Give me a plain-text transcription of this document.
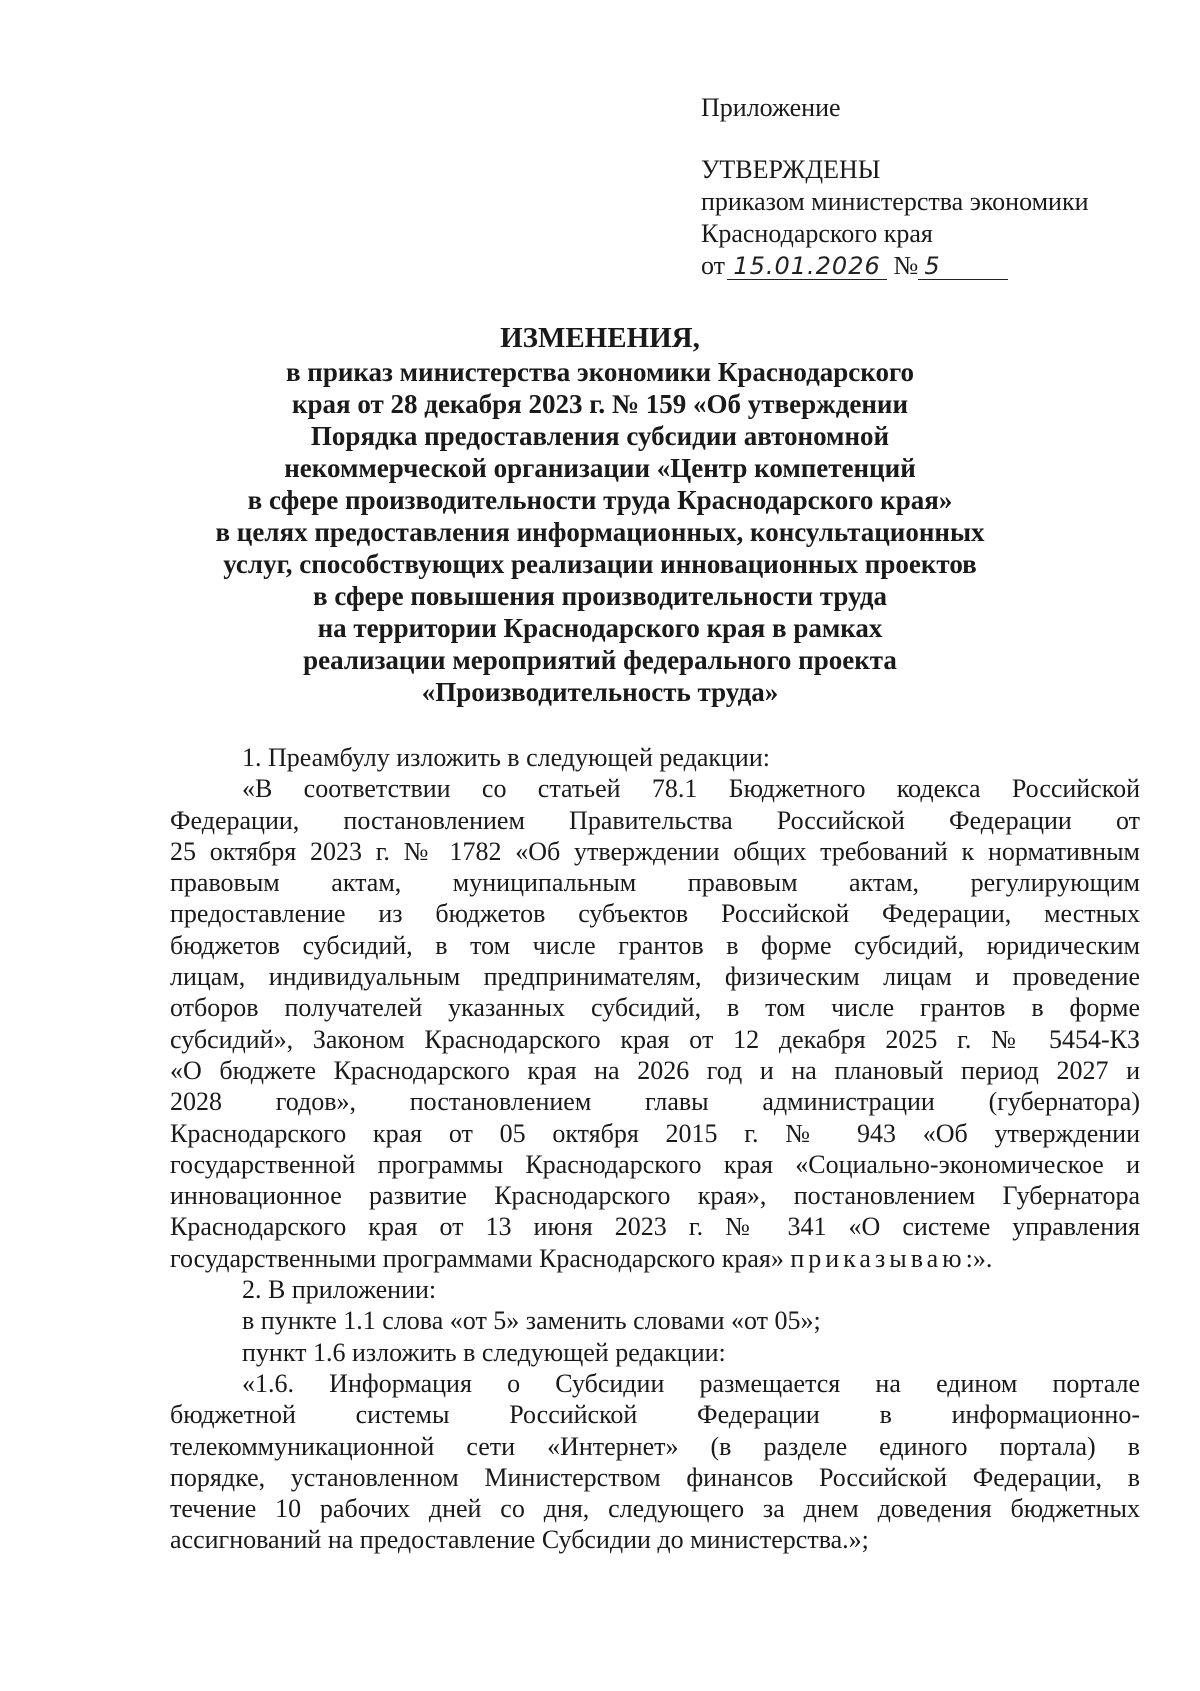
Приложение
УТВЕРЖДЕНЫ
приказом министерства экономики
Краснодарского края
от 15.01.2026 № 5
ИЗМЕНЕНИЯ,
в приказ министерства экономики Краснодарского
края от 28 декабря 2023 г. № 159 «Об утверждении
Порядка предоставления субсидии автономной
некоммерческой организации «Центр компетенций
в сфере производительности труда Краснодарского края»
в целях предоставления информационных, консультационных
услуг, способствующих реализации инновационных проектов
в сфере повышения производительности труда
на территории Краснодарского края в рамках
реализации мероприятий федерального проекта
«Производительность труда»
1. Преамбулу изложить в следующей редакции:
«В соответствии со статьей 78.1 Бюджетного кодекса Российской
Федерации, постановлением Правительства Российской Федерации от
25 октября 2023 г. № 1782 «Об утверждении общих требований к нормативным
правовым актам, муниципальным правовым актам, регулирующим
предоставление из бюджетов субъектов Российской Федерации, местных
бюджетов субсидий, в том числе грантов в форме субсидий, юридическим
лицам, индивидуальным предпринимателям, физическим лицам и проведение
отборов получателей указанных субсидий, в том числе грантов в форме
субсидий», Законом Краснодарского края от 12 декабря 2025 г. № 5454-КЗ
«О бюджете Краснодарского края на 2026 год и на плановый период 2027 и
2028 годов», постановлением главы администрации (губернатора)
Краснодарского края от 05 октября 2015 г. № 943 «Об утверждении
государственной программы Краснодарского края «Социально-экономическое и
инновационное развитие Краснодарского края», постановлением Губернатора
Краснодарского края от 13 июня 2023 г. № 341 «О системе управления
государственными программами Краснодарского края» приказываю:».
2. В приложении:
в пункте 1.1 слова «от 5» заменить словами «от 05»;
пункт 1.6 изложить в следующей редакции:
«1.6. Информация о Субсидии размещается на едином портале
бюджетной системы Российской Федерации в информационно-
телекоммуникационной сети «Интернет» (в разделе единого портала) в
порядке, установленном Министерством финансов Российской Федерации, в
течение 10 рабочих дней со дня, следующего за днем доведения бюджетных
ассигнований на предоставление Субсидии до министерства.»;
